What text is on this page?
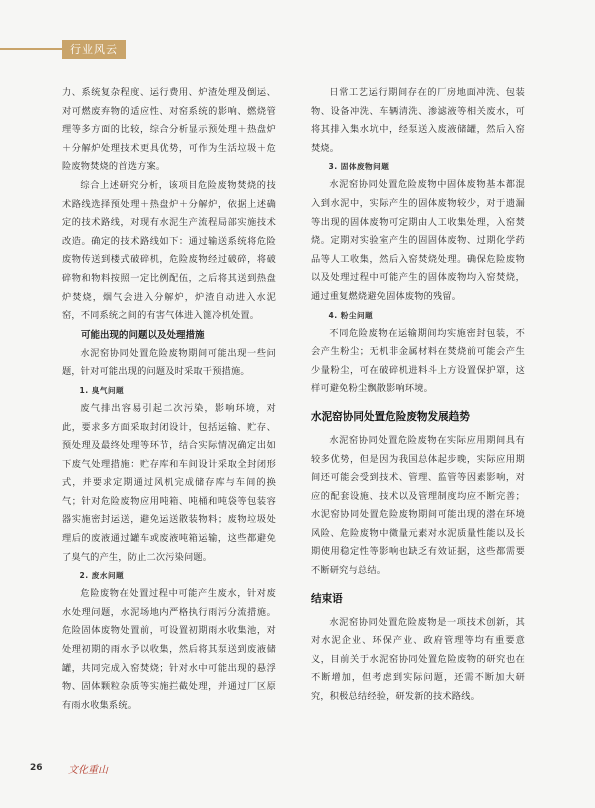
行业风云

力、系统复杂程度、运行费用、炉渣处理及倒运、对可燃废弃物的适应性、对窑系统的影响、燃烧管理等多方面的比较，综合分析显示预处理＋热盘炉＋分解炉处理技术更具优势，可作为生活垃圾＋危险废物焚烧的首选方案。

综合上述研究分析，该项目危险废物焚烧的技术路线选择预处理＋热盘炉＋分解炉，依据上述确定的技术路线，对现有水泥生产流程局部实施技术改造。确定的技术路线如下：通过输送系统将危险废物传送到楼式破碎机，危险废物经过破碎，将破碎物和物料按照一定比例配伍，之后将其送到热盘炉焚烧，烟气会进入分解炉，炉渣自动进入水泥窑，不同系统之间的有害气体进入篦冷机处置。

可能出现的问题以及处理措施

水泥窑协同处置危险废物期间可能出现一些问题，针对可能出现的问题及时采取干预措施。

1. 臭气问题

废气排出容易引起二次污染，影响环境，对此，要求多方面采取封闭设计，包括运输、贮存、预处理及最终处理等环节，结合实际情况确定出如下废气处理措施：贮存库和车间设计采取全封闭形式，并要求定期通过风机完成储存库与车间的换气；针对危险废物应用吨箱、吨桶和吨袋等包装容器实施密封运送，避免运送散装物料；废物垃圾处理后的废液通过罐车或废液吨箱运输，这些都避免了臭气的产生，防止二次污染问题。

2. 废水问题

危险废物在处置过程中可能产生废水，针对废水处理问题，水泥场地内严格执行雨污分流措施。危险固体废物处置前，可设置初期雨水收集池，对处理初期的雨水予以收集，然后将其泵送到废液储罐，共同完成入窑焚烧；针对水中可能出现的悬浮物、固体颗粒杂质等实施拦截处理，并通过厂区原有雨水收集系统。

日常工艺运行期间存在的厂房地面冲洗、包装物、设备冲洗、车辆清洗、渗滤液等相关废水，可将其排入集水坑中，经泵送入废液储罐，然后入窑焚烧。

3. 固体废物问题

水泥窑协同处置危险废物中固体废物基本都混入到水泥中，实际产生的固体废物较少，对于遗漏等出现的固体废物可定期由人工收集处理，入窑焚烧。定期对实验室产生的固固体废物、过期化学药品等人工收集，然后入窑焚烧处理。确保危险废物以及处理过程中可能产生的固体废物均入窑焚烧，通过重复燃烧避免固体废物的残留。

4. 粉尘问题

不同危险废物在运输期间均实施密封包装，不会产生粉尘；无机非金属材料在焚烧前可能会产生少量粉尘，可在破碎机进料斗上方设置保护罩，这样可避免粉尘飘散影响环境。

水泥窑协同处置危险废物发展趋势

水泥窑协同处置危险废物在实际应用期间具有较多优势，但是因为我国总体起步晚，实际应用期间还可能会受到技术、管理、监管等因素影响，对应的配套设施、技术以及管理制度均应不断完善；水泥窑协同处置危险废物期间可能出现的潜在环境风险、危险废物中微量元素对水泥质量性能以及长期使用稳定性等影响也缺乏有效证据，这些都需要不断研究与总结。

结束语

水泥窑协同处置危险废物是一项技术创新，其对水泥企业、环保产业、政府管理等均有重要意义，目前关于水泥窑协同处置危险废物的研究也在不断增加，但考虑到实际问题，还需不断加大研究，积极总结经验，研发新的技术路线。

26	文化重山
